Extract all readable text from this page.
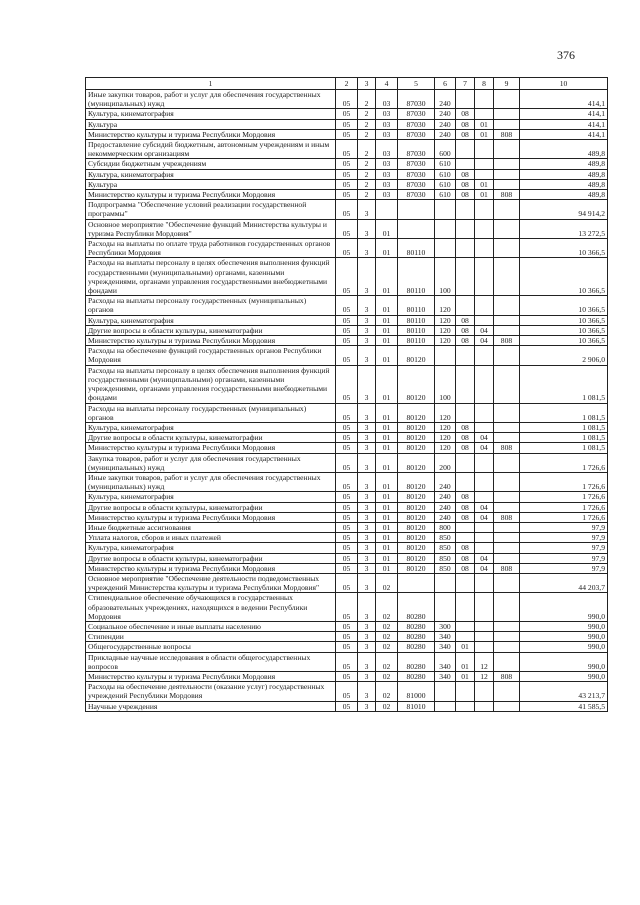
376
1	2	3	4	5	6	7	8	9	10
Иные закупки товаров, работ и услуг для обеспечения государственных (муниципальных) нужд	05	2	03	87030	240				414,1
Культура, кинематография	05	2	03	87030	240	08			414,1
Культура	05	2	03	87030	240	08	01		414,1
Министерство культуры и туризма Республики Мордовия	05	2	03	87030	240	08	01	808	414,1
Предоставление субсидий бюджетным, автономным учреждениям и иным некоммерческим организациям	05	2	03	87030	600				489,8
Субсидии бюджетным учреждениям	05	2	03	87030	610				489,8
Культура, кинематография	05	2	03	87030	610	08			489,8
Культура	05	2	03	87030	610	08	01		489,8
Министерство культуры и туризма Республики Мордовия	05	2	03	87030	610	08	01	808	489,8
Подпрограмма "Обеспечение условий реализации государственной программы"	05	3							94 914,2
Основное мероприятие "Обеспечение функций Министерства культуры и туризма Республики Мордовия"	05	3	01						13 272,5
Расходы на выплаты по оплате труда работников государственных органов Республики Мордовия	05	3	01	80110					10 366,5
Расходы на выплаты персоналу в целях обеспечения выполнения функций государственными (муниципальными) органами, казенными учреждениями, органами управления государственными внебюджетными фондами	05	3	01	80110	100				10 366,5
Расходы на выплаты персоналу государственных (муниципальных) органов	05	3	01	80110	120				10 366,5
Культура, кинематография	05	3	01	80110	120	08			10 366,5
Другие вопросы в области культуры, кинематографии	05	3	01	80110	120	08	04		10 366,5
Министерство культуры и туризма Республики Мордовия	05	3	01	80110	120	08	04	808	10 366,5
Расходы на обеспечение функций государственных органов Республики Мордовия	05	3	01	80120					2 906,0
Расходы на выплаты персоналу в целях обеспечения выполнения функций государственными (муниципальными) органами, казенными учреждениями, органами управления государственными внебюджетными фондами	05	3	01	80120	100				1 081,5
Расходы на выплаты персоналу государственных (муниципальных) органов	05	3	01	80120	120				1 081,5
Культура, кинематография	05	3	01	80120	120	08			1 081,5
Другие вопросы в области культуры, кинематографии	05	3	01	80120	120	08	04		1 081,5
Министерство культуры и туризма Республики Мордовия	05	3	01	80120	120	08	04	808	1 081,5
Закупка товаров, работ и услуг для обеспечения государственных (муниципальных) нужд	05	3	01	80120	200				1 726,6
Иные закупки товаров, работ и услуг для обеспечения государственных (муниципальных) нужд	05	3	01	80120	240				1 726,6
Культура, кинематография	05	3	01	80120	240	08			1 726,6
Другие вопросы в области культуры, кинематографии	05	3	01	80120	240	08	04		1 726,6
Министерство культуры и туризма Республики Мордовия	05	3	01	80120	240	08	04	808	1 726,6
Иные бюджетные ассигнования	05	3	01	80120	800				97,9
Уплата налогов, сборов и иных платежей	05	3	01	80120	850				97,9
Культура, кинематография	05	3	01	80120	850	08			97,9
Другие вопросы в области культуры, кинематографии	05	3	01	80120	850	08	04		97,9
Министерство культуры и туризма Республики Мордовия	05	3	01	80120	850	08	04	808	97,9
Основное мероприятие "Обеспечение деятельности подведомственных учреждений Министерства культуры и туризма Республики Мордовия"	05	3	02						44 203,7
Стипендиальное обеспечение обучающихся в государственных образовательных учреждениях, находящихся в ведении Республики Мордовия	05	3	02	80280					990,0
Социальное обеспечение и иные выплаты населению	05	3	02	80280	300				990,0
Стипендии	05	3	02	80280	340				990,0
Общегосударственные вопросы	05	3	02	80280	340	01			990,0
Прикладные научные исследования в области общегосударственных вопросов	05	3	02	80280	340	01	12		990,0
Министерство культуры и туризма Республики Мордовия	05	3	02	80280	340	01	12	808	990,0
Расходы на обеспечение деятельности (оказание услуг) государственных учреждений Республики Мордовия	05	3	02	81000					43 213,7
Научные учреждения	05	3	02	81010					41 585,5
